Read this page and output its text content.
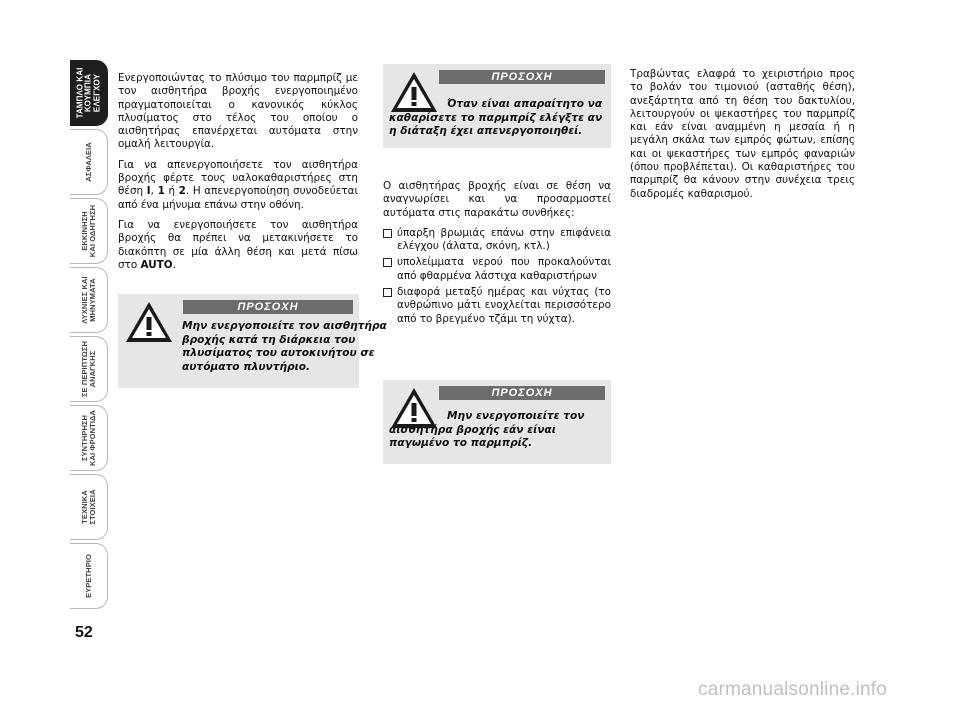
ΤΑΜΠΛΟ ΚΑΙ
ΚΟΥΜΠΙΑ
ΕΛΕΓΧΟΥ
ΑΣΦΑΛΕΙΑ
ΕΚΚΙΝΗΣΗ
ΚΑΙ ΟΔΗΓΗΣΗ
ΛΥΧΝΙΕΣ ΚΑΙ
ΜΗΝΥΜΑΤΑ
ΣΕ ΠΕΡΙΠΤΩΣΗ
ΑΝΑΓΚΗΣ
ΣΥΝΤΗΡΗΣΗ
ΚΑΙ ΦΡΟΝΤΙΔΑ
ΤΕΧΝΙΚΑ
ΣΤΟΙΧΕΙΑ
ΕΥΡΕΤΗΡΙΟ
52

Ενεργοποιώντας το πλύσιμο του παρμπρίζ με τον αισθητήρα βροχής ενεργοποιημένο πραγματοποιείται ο κανονικός κύκλος πλυσίματος στο τέλος του οποίου ο αισθητήρας επανέρχεται αυτόματα στην ομαλή λειτουργία.

Για να απενεργοποιήσετε τον αισθητήρα βροχής φέρτε τους υαλοκαθαριστήρες στη θέση I, 1 ή 2. Η απενεργοποίηση συνοδεύεται από ένα μήνυμα επάνω στην οθόνη.

Για να ενεργοποιήσετε τον αισθητήρα βροχής θα πρέπει να μετακινήσετε το διακόπτη σε μία άλλη θέση και μετά πίσω στο AUTO.

ΠΡΟΣΟΧΗ
Μην ενεργοποιείτε τον αισθητήρα βροχής κατά τη διάρκεια του πλυσίματος του αυτοκινήτου σε αυτόματο πλυντήριο.
ΠΡΟΣΟΧΗ
Όταν είναι απαραίτητο να καθαρίσετε το παρμπρίζ ελέγξτε αν η διάταξη έχει απενεργοποιηθεί.

Ο αισθητήρας βροχής είναι σε θέση να αναγνωρίσει και να προσαρμοστεί αυτόματα στις παρακάτω συνθήκες:

ύπαρξη βρωμιάς επάνω στην επιφάνεια ελέγχου (άλατα, σκόνη, κτλ.)
υπολείμματα νερού που προκαλούνται από φθαρμένα λάστιχα καθαριστήρων
διαφορά μεταξύ ημέρας και νύχτας (το ανθρώπινο μάτι ενοχλείται περισσότερο από το βρεγμένο τζάμι τη νύχτα).
ΠΡΟΣΟΧΗ
Μην ενεργοποιείτε τον αισθητήρα βροχής εάν είναι παγωμένο το παρμπρίζ.

Τραβώντας ελαφρά το χειριστήριο προς το βολάν του τιμονιού (ασταθής θέση), ανεξάρτητα από τη θέση του δακτυλίου, λειτουργούν οι ψεκαστήρες του παρμπρίζ και εάν είναι αναμμένη η μεσαία ή η μεγάλη σκάλα των εμπρός φώτων, επίσης και οι ψεκαστήρες των εμπρός φαναριών (όπου προβλέπεται). Οι καθαριστήρες του παρμπρίζ θα κάνουν στην συνέχεια τρεις διαδρομές καθαρισμού.

carmanualsonline.info
